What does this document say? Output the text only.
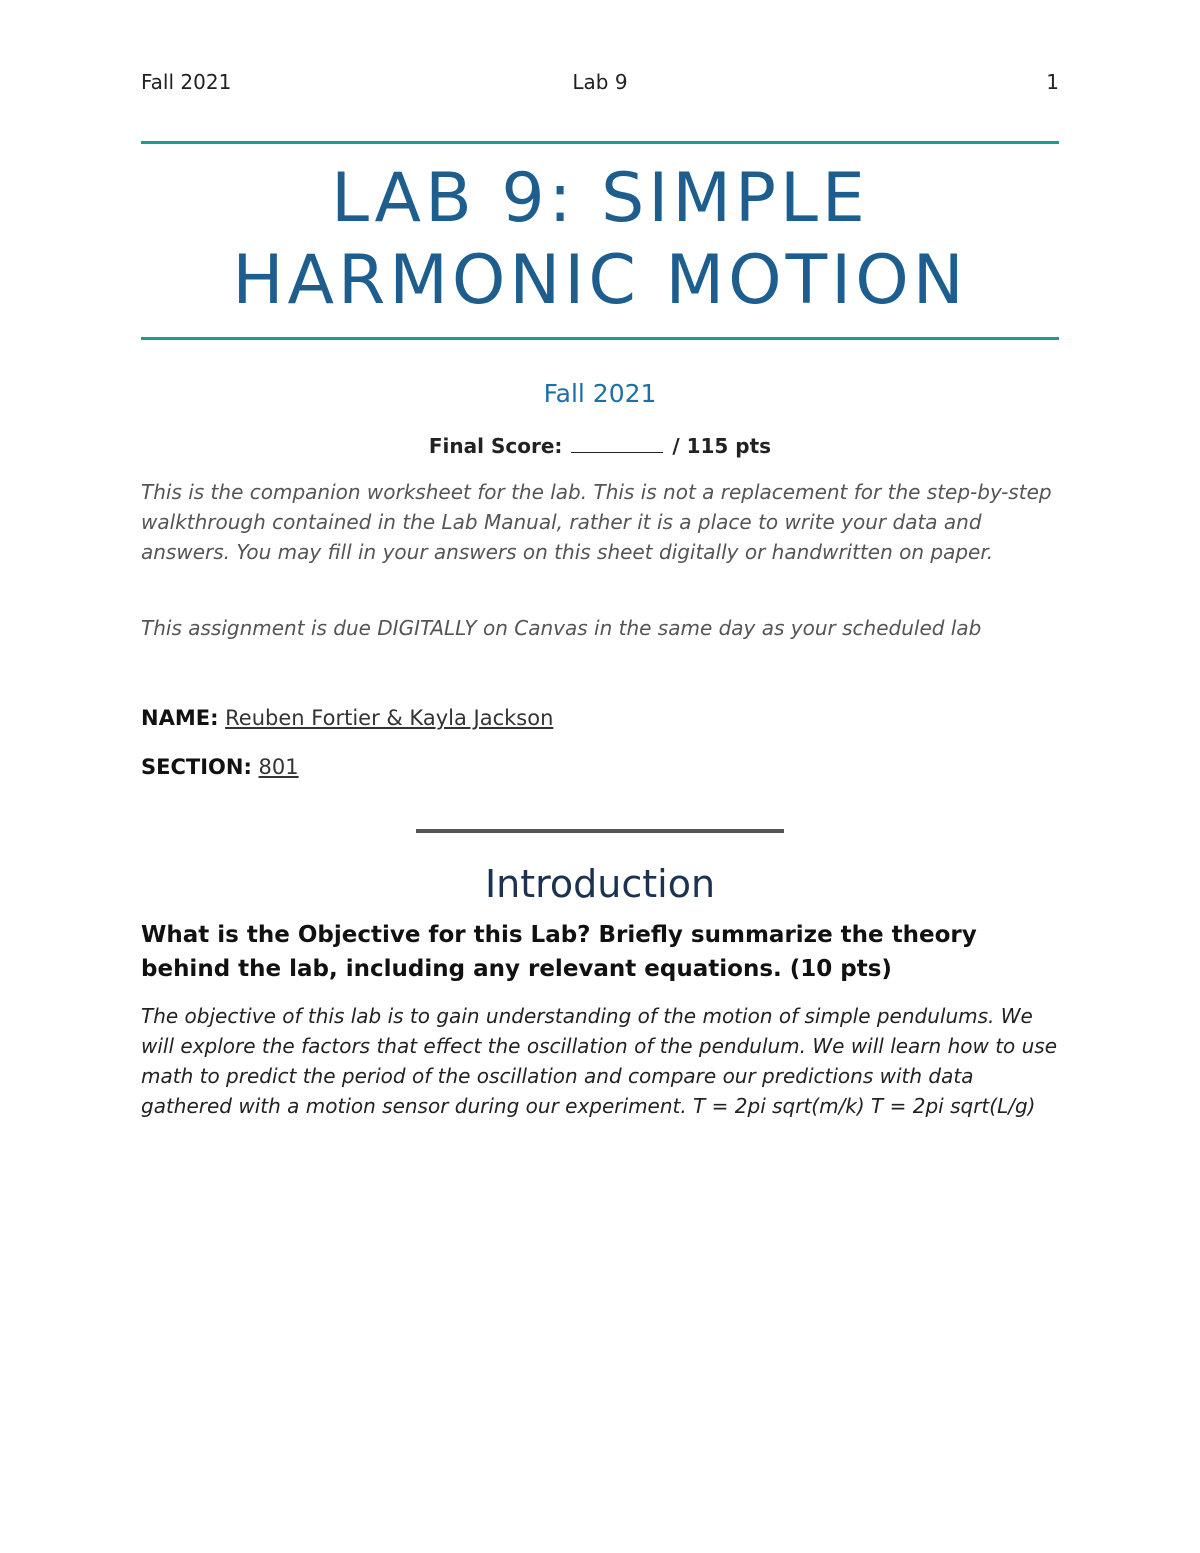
Fall 2021	Lab 9	1
LAB 9: SIMPLE
HARMONIC MOTION
Fall 2021
Final Score:	/ 115 pts
This is the companion worksheet for the lab. This is not a replacement for the step-by-step walkthrough contained in the Lab Manual, rather it is a place to write your data and answers. You may fill in your answers on this sheet digitally or handwritten on paper.
This assignment is due DIGITALLY on Canvas in the same day as your scheduled lab
NAME: Reuben Fortier & Kayla Jackson
SECTION: 801
Introduction
What is the Objective for this Lab? Briefly summarize the theory behind the lab, including any relevant equations. (10 pts)
The objective of this lab is to gain understanding of the motion of simple pendulums. We will explore the factors that effect the oscillation of the pendulum. We will learn how to use math to predict the period of the oscillation and compare our predictions with data gathered with a motion sensor during our experiment. T = 2pi sqrt(m/k) T = 2pi sqrt(L/g)
